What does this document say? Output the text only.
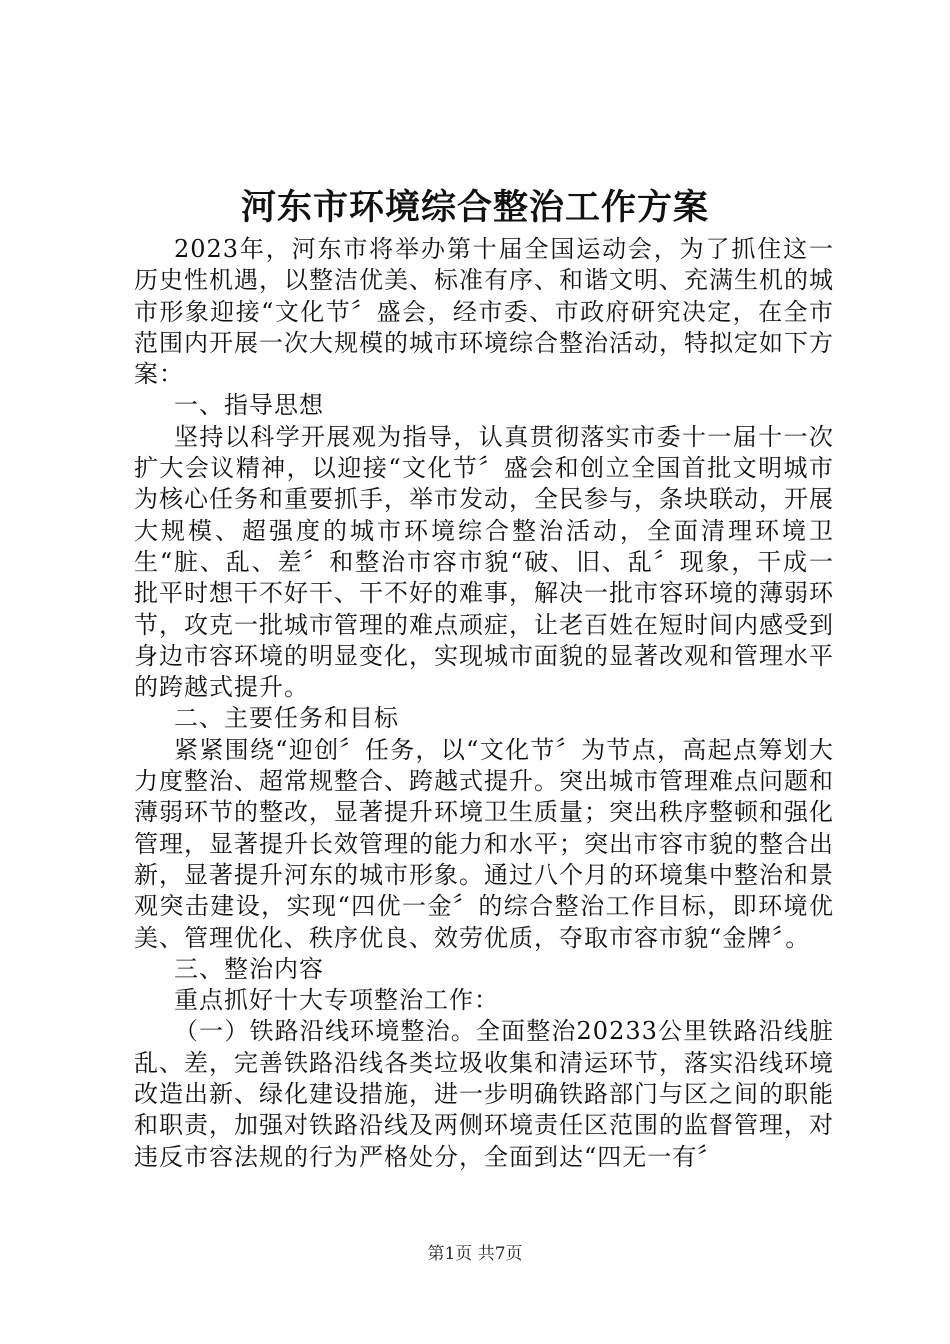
河东市环境综合整治工作方案

2023年，河东市将举办第十届全国运动会，为了抓住这一历史性机遇，以整洁优美、标准有序、和谐文明、充满生机的城市形象迎接“文化节〞盛会，经市委、市政府研究决定，在全市范围内开展一次大规模的城市环境综合整治活动，特拟定如下方案：

一、指导思想

坚持以科学开展观为指导，认真贯彻落实市委十一届十一次扩大会议精神，以迎接“文化节〞盛会和创立全国首批文明城市为核心任务和重要抓手，举市发动，全民参与，条块联动，开展大规模、超强度的城市环境综合整治活动，全面清理环境卫生“脏、乱、差〞和整治市容市貌“破、旧、乱〞现象，干成一批平时想干不好干、干不好的难事，解决一批市容环境的薄弱环节，攻克一批城市管理的难点顽症，让老百姓在短时间内感受到身边市容环境的明显变化，实现城市面貌的显著改观和管理水平的跨越式提升。

二、主要任务和目标

紧紧围绕“迎创〞任务，以“文化节〞为节点，高起点筹划大力度整治、超常规整合、跨越式提升。突出城市管理难点问题和薄弱环节的整改，显著提升环境卫生质量；突出秩序整顿和强化管理，显著提升长效管理的能力和水平；突出市容市貌的整合出新，显著提升河东的城市形象。通过八个月的环境集中整治和景观突击建设，实现“四优一金〞的综合整治工作目标，即环境优美、管理优化、秩序优良、效劳优质，夺取市容市貌“金牌〞。

三、整治内容

重点抓好十大专项整治工作：

（一）铁路沿线环境整治。全面整治20233公里铁路沿线脏乱、差，完善铁路沿线各类垃圾收集和清运环节，落实沿线环境改造出新、绿化建设措施，进一步明确铁路部门与区之间的职能和职责，加强对铁路沿线及两侧环境责任区范围的监督管理，对违反市容法规的行为严格处分，全面到达“四无一有〞

第1页 共7页
